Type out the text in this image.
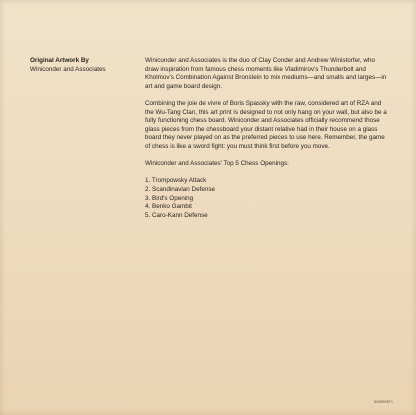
Original Artwork By
Winiconder and Associates

Winiconder and Associates is the duo of Clay Conder and Andrew Winistorfer, who draw inspiration from famous chess moments like Vladimirov's Thunderbolt and Kholmov's Combination Against Bronstein to mix mediums—and smalls and larges—in art and game board design.

Combining the joie de vivre of Boris Spassky with the raw, considered art of RZA and the Wu-Tang Clan, this art print is designed to not only hang on your wall, but also be a fully functioning chess board. Winiconder and Associates officially recommend those glass pieces from the chessboard your distant relative had in their house on a glass board they never played on as the preferred pieces to use here. Remember, the game of chess is like a sword fight: you must think first before you move.

Winiconder and Associates' Top 5 Chess Openings:

1. Trompowsky Attack
2. Scandinavian Defense
3. Bird's Opening
4. Benko Gambit
5. Caro-Kann Defense
NUOBR0NT1
